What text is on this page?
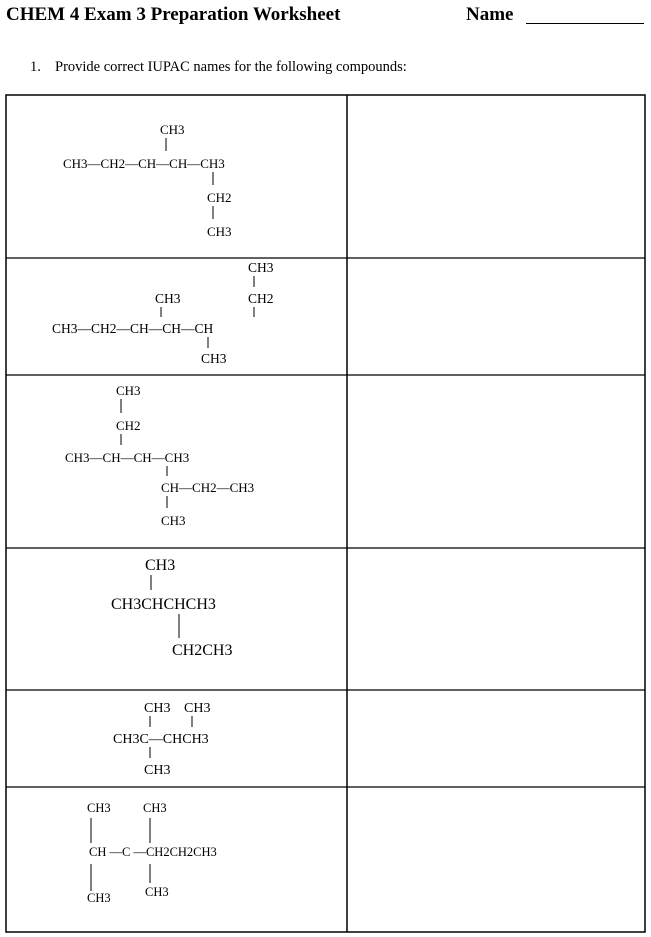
CHEM 4 Exam 3 Preparation Worksheet	Name
1. Provide correct IUPAC names for the following compounds:
CH3
CH3—CH2—CH—CH—CH3
CH2
CH3
CH3
CH2
CH3
CH3—CH2—CH—CH—CH
CH3
CH3
CH2
CH3—CH—CH—CH3
CH—CH2—CH3
CH3
CH3
CH3CHCHCH3
CH2CH3
CH3 CH3
CH3C—CHCH3
CH3
CH3	CH3
CH —C —CH2CH2CH3
CH3	CH3
